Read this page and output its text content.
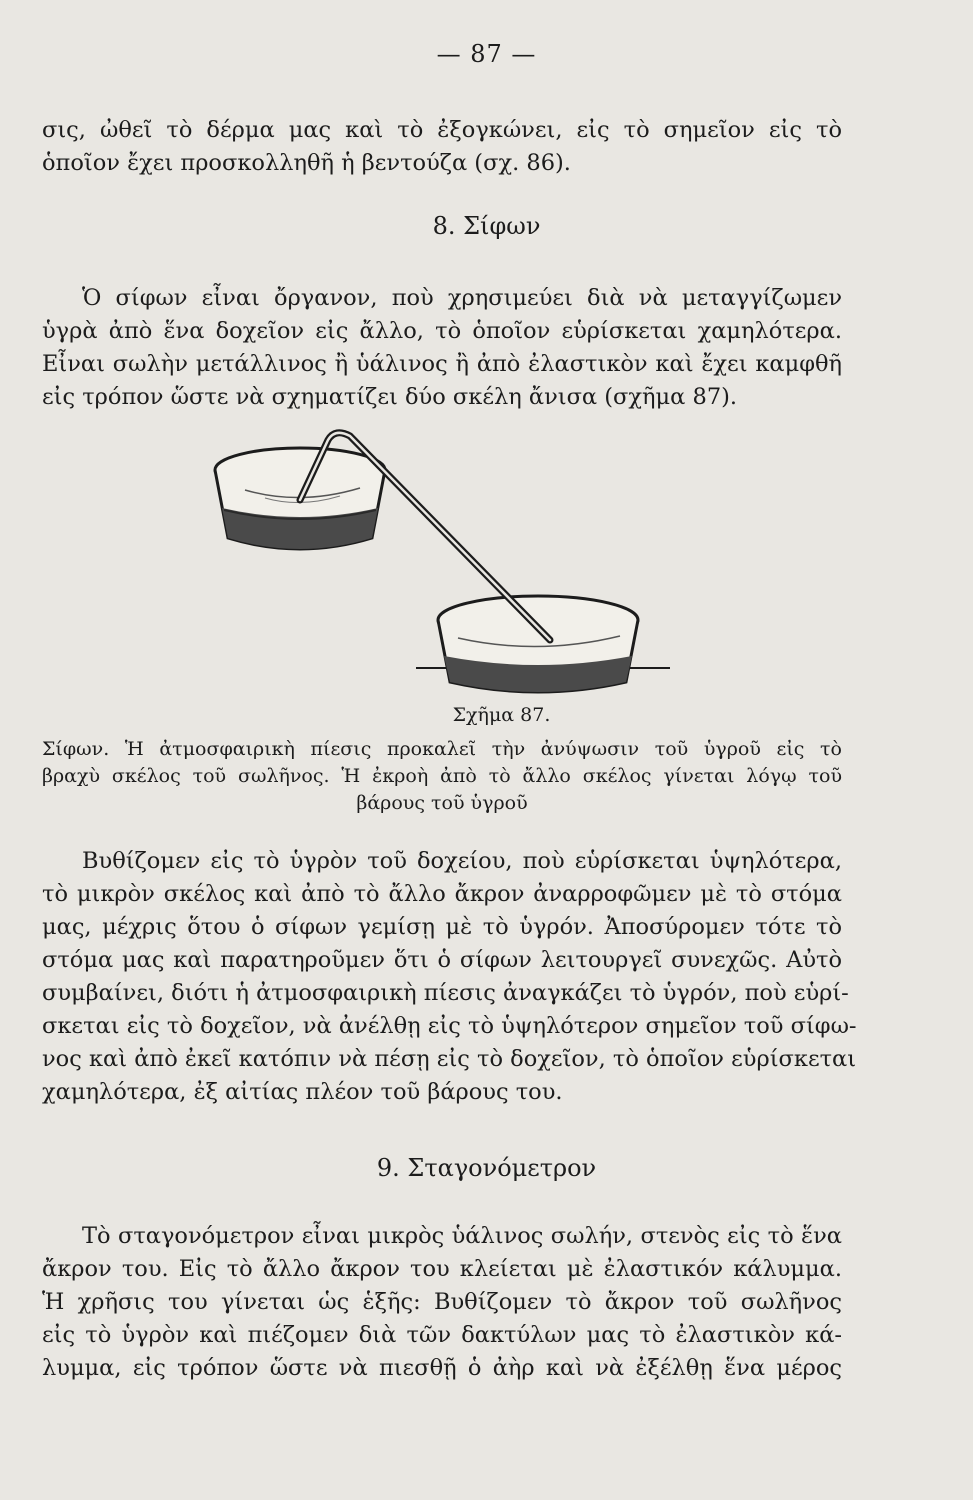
— 87 —

σις, ὠθεῖ τὸ δέρμα μας καὶ τὸ ἐξογκώνει, εἰς τὸ σημεῖον εἰς τὸ
ὁποῖον ἔχει προσκολληθῆ ἡ βεντούζα (σχ. 86).

8. Σίφων

Ὁ σίφων εἶναι ὄργανον, ποὺ χρησιμεύει διὰ νὰ μεταγγίζωμεν
ὑγρὰ ἀπὸ ἕνα δοχεῖον εἰς ἄλλο, τὸ ὁποῖον εὑρίσκεται χαμηλότερα.
Εἶναι σωλὴν μετάλλινος ἢ ὑάλινος ἢ ἀπὸ ἐλαστικὸν καὶ ἔχει καμφθῆ
εἰς τρόπον ὥστε νὰ σχηματίζει δύο σκέλη ἄνισα (σχῆμα 87).

Σχῆμα 87.

Σίφων. Ἡ ἀτμοσφαιρικὴ πίεσις προκαλεῖ τὴν ἀνύψωσιν τοῦ ὑγροῦ εἰς τὸ
βραχὺ σκέλος τοῦ σωλῆνος. Ἡ ἐκροὴ ἀπὸ τὸ ἄλλο σκέλος γίνεται λόγῳ τοῦ
βάρους τοῦ ὑγροῦ

Βυθίζομεν εἰς τὸ ὑγρὸν τοῦ δοχείου, ποὺ εὑρίσκεται ὑψηλότερα,
τὸ μικρὸν σκέλος καὶ ἀπὸ τὸ ἄλλο ἄκρον ἀναρροφῶμεν μὲ τὸ στόμα
μας, μέχρις ὅτου ὁ σίφων γεμίσῃ μὲ τὸ ὑγρόν. Ἀποσύρομεν τότε τὸ
στόμα μας καὶ παρατηροῦμεν ὅτι ὁ σίφων λειτουργεῖ συνεχῶς. Αὐτὸ
συμβαίνει, διότι ἡ ἀτμοσφαιρικὴ πίεσις ἀναγκάζει τὸ ὑγρόν, ποὺ εὑρί-
σκεται εἰς τὸ δοχεῖον, νὰ ἀνέλθῃ εἰς τὸ ὑψηλότερον σημεῖον τοῦ σίφω-
νος καὶ ἀπὸ ἐκεῖ κατόπιν νὰ πέσῃ εἰς τὸ δοχεῖον, τὸ ὁποῖον εὑρίσκεται
χαμηλότερα, ἐξ αἰτίας πλέον τοῦ βάρους του.

9. Σταγονόμετρον

Τὸ σταγονόμετρον εἶναι μικρὸς ὑάλινος σωλήν, στενὸς εἰς τὸ ἕνα
ἄκρον του. Εἰς τὸ ἄλλο ἄκρον του κλείεται μὲ ἐλαστικόν κάλυμμα.
Ἡ χρῆσις του γίνεται ὡς ἑξῆς: Βυθίζομεν τὸ ἄκρον τοῦ σωλῆνος
εἰς τὸ ὑγρὸν καὶ πιέζομεν διὰ τῶν δακτύλων μας τὸ ἐλαστικὸν κά-
λυμμα, εἰς τρόπον ὥστε νὰ πιεσθῇ ὁ ἀὴρ καὶ νὰ ἐξέλθῃ ἕνα μέρος
